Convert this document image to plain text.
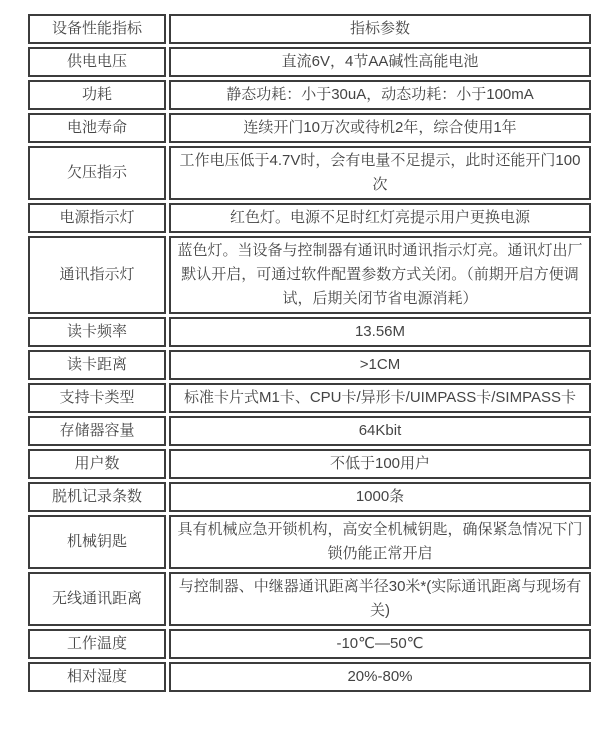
设备性能指标	指标参数
供电电压	直流6V，4节AA碱性高能电池
功耗	静态功耗：小于30uA，动态功耗：小于100mA
电池寿命	连续开门10万次或待机2年，综合使用1年
欠压指示	工作电压低于4.7V时，会有电量不足提示，此时还能开门100次
电源指示灯	红色灯。电源不足时红灯亮提示用户更换电源
通讯指示灯	蓝色灯。当设备与控制器有通讯时通讯指示灯亮。通讯灯出厂默认开启，可通过软件配置参数方式关闭。（前期开启方便调试，后期关闭节省电源消耗）
读卡频率	13.56M
读卡距离	>1CM
支持卡类型	标准卡片式M1卡、CPU卡/异形卡/UIMPASS卡/SIMPASS卡
存储器容量	64Kbit
用户数	不低于100用户
脱机记录条数	1000条
机械钥匙	具有机械应急开锁机构，高安全机械钥匙，确保紧急情况下门锁仍能正常开启
无线通讯距离	与控制器、中继器通讯距离半径30米*(实际通讯距离与现场有关)
工作温度	-10℃—50℃
相对湿度	20%-80%
